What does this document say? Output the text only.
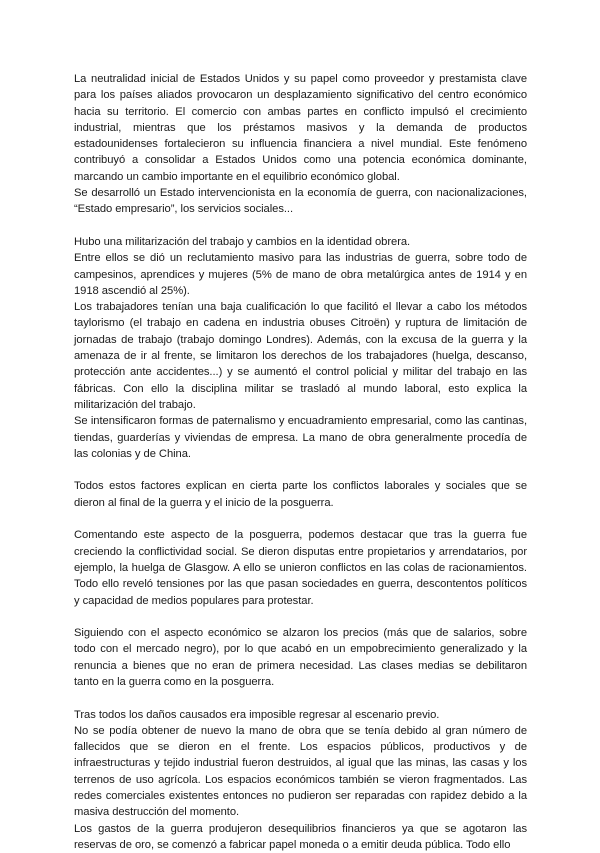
La neutralidad inicial de Estados Unidos y su papel como proveedor y prestamista clave para los países aliados provocaron un desplazamiento significativo del centro económico hacia su territorio. El comercio con ambas partes en conflicto impulsó el crecimiento industrial, mientras que los préstamos masivos y la demanda de productos estadounidenses fortalecieron su influencia financiera a nivel mundial. Este fenómeno contribuyó a consolidar a Estados Unidos como una potencia económica dominante, marcando un cambio importante en el equilibrio económico global.

Se desarrolló un Estado intervencionista en la economía de guerra, con nacionalizaciones, “Estado empresario”, los servicios sociales...

Hubo una militarización del trabajo y cambios en la identidad obrera.

Entre ellos se dió un reclutamiento masivo para las industrias de guerra, sobre todo de campesinos, aprendices y mujeres (5% de mano de obra metalúrgica antes de 1914 y en 1918 ascendió al 25%).

Los trabajadores tenían una baja cualificación lo que facilitó el llevar a cabo los métodos taylorismo (el trabajo en cadena en industria obuses Citroën) y ruptura de limitación de jornadas de trabajo (trabajo domingo Londres). Además, con la excusa de la guerra y la amenaza de ir al frente, se limitaron los derechos de los trabajadores (huelga, descanso, protección ante accidentes...) y se aumentó el control policial y militar del trabajo en las fábricas. Con ello la disciplina militar se trasladó al mundo laboral, esto explica la militarización del trabajo.

Se intensificaron formas de paternalismo y encuadramiento empresarial, como las cantinas, tiendas, guarderías y viviendas de empresa. La mano de obra generalmente procedía de las colonias y de China.

Todos estos factores explican en cierta parte los conflictos laborales y sociales que se dieron al final de la guerra y el inicio de la posguerra.

Comentando este aspecto de la posguerra, podemos destacar que tras la guerra fue creciendo la conflictividad social. Se dieron disputas entre propietarios y arrendatarios, por ejemplo, la huelga de Glasgow. A ello se unieron conflictos en las colas de racionamientos. Todo ello reveló tensiones por las que pasan sociedades en guerra, descontentos políticos y capacidad de medios populares para protestar.

Siguiendo con el aspecto económico se alzaron los precios (más que de salarios, sobre todo con el mercado negro), por lo que acabó en un empobrecimiento generalizado y la renuncia a bienes que no eran de primera necesidad. Las clases medias se debilitaron tanto en la guerra como en la posguerra.

Tras todos los daños causados era imposible regresar al escenario previo.

No se podía obtener de nuevo la mano de obra que se tenía debido al gran número de fallecidos que se dieron en el frente. Los espacios públicos, productivos y de infraestructuras y tejido industrial fueron destruidos, al igual que las minas, las casas y los terrenos de uso agrícola. Los espacios económicos también se vieron fragmentados. Las redes comerciales existentes entonces no pudieron ser reparadas con rapidez debido a la masiva destrucción del momento.

Los gastos de la guerra produjeron desequilibrios financieros ya que se agotaron las reservas de oro, se comenzó a fabricar papel moneda o a emitir deuda pública. Todo ello
